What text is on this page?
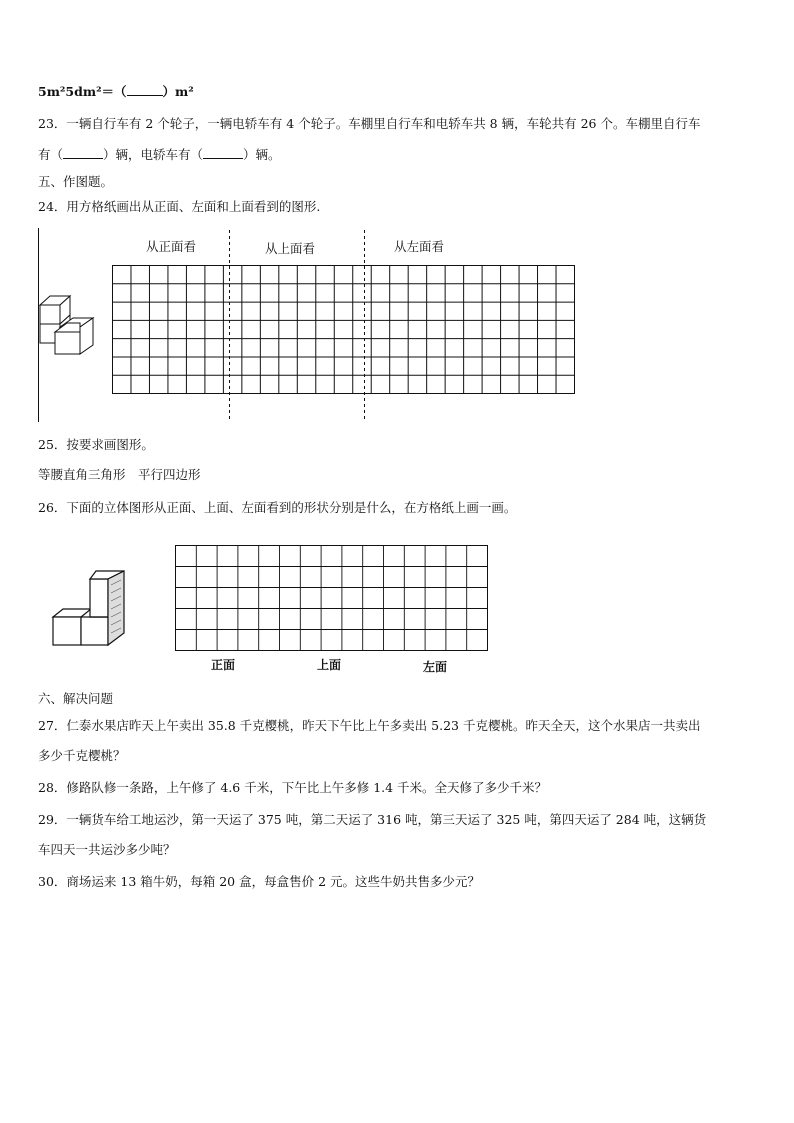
5m²5dm²＝（	）m²
23．一辆自行车有 2 个轮子，一辆电轿车有 4 个轮子。车棚里自行车和电轿车共 8 辆，车轮共有 26 个。车棚里自行车
有（	）辆，电轿车有（	）辆。
五、作图题。
24．用方格纸画出从正面、左面和上面看到的图形.
从正面看	从上面看	从左面看
25．按要求画图形。
等腰直角三角形　平行四边形
26．下面的立体图形从正面、上面、左面看到的形状分别是什么，在方格纸上画一画。
正面	上面	左面
六、解决问题
27．仁泰水果店昨天上午卖出 35.8 千克樱桃，昨天下午比上午多卖出 5.23 千克樱桃。昨天全天，这个水果店一共卖出
多少千克樱桃？
28．修路队修一条路，上午修了 4.6 千米，下午比上午多修 1.4 千米。全天修了多少千米？
29．一辆货车给工地运沙，第一天运了 375 吨，第二天运了 316 吨，第三天运了 325 吨，第四天运了 284 吨，这辆货
车四天一共运沙多少吨？
30．商场运来 13 箱牛奶，每箱 20 盒，每盒售价 2 元。这些牛奶共售多少元？
